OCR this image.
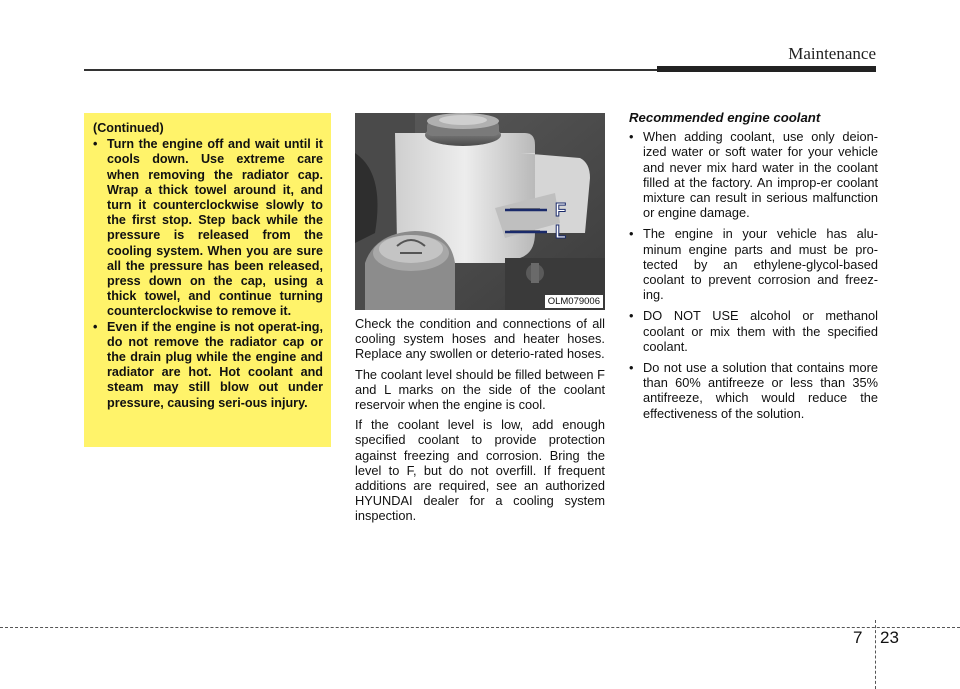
Maintenance
(Continued)
• Turn the engine off and wait until it cools down. Use extreme care when removing the radiator cap. Wrap a thick towel around it, and turn it counterclockwise slowly to the first stop. Step back while the pressure is released from the cooling system. When you are sure all the pressure has been released, press down on the cap, using a thick towel, and continue turning counterclockwise to remove it.
• Even if the engine is not operat-ing, do not remove the radiator cap or the drain plug while the engine and radiator are hot. Hot coolant and steam may still blow out under pressure, causing seri-ous injury.
F
L
OLM079006

Check the condition and connections of all cooling system hoses and heater hoses. Replace any swollen or deterio-rated hoses.

The coolant level should be filled between F and L marks on the side of the coolant reservoir when the engine is cool.

If the coolant level is low, add enough specified coolant to provide protection against freezing and corrosion. Bring the level to F, but do not overfill. If frequent additions are required, see an authorized HYUNDAI dealer for a cooling system inspection.

Recommended engine coolant
• When adding coolant, use only deion-ized water or soft water for your vehicle and never mix hard water in the coolant filled at the factory. An improp-er coolant mixture can result in serious malfunction or engine damage.
• The engine in your vehicle has alu-minum engine parts and must be pro-tected by an ethylene-glycol-based coolant to prevent corrosion and freez-ing.
• DO NOT USE alcohol or methanol coolant or mix them with the specified coolant.
• Do not use a solution that contains more than 60% antifreeze or less than 35% antifreeze, which would reduce the effectiveness of the solution.
7 23
